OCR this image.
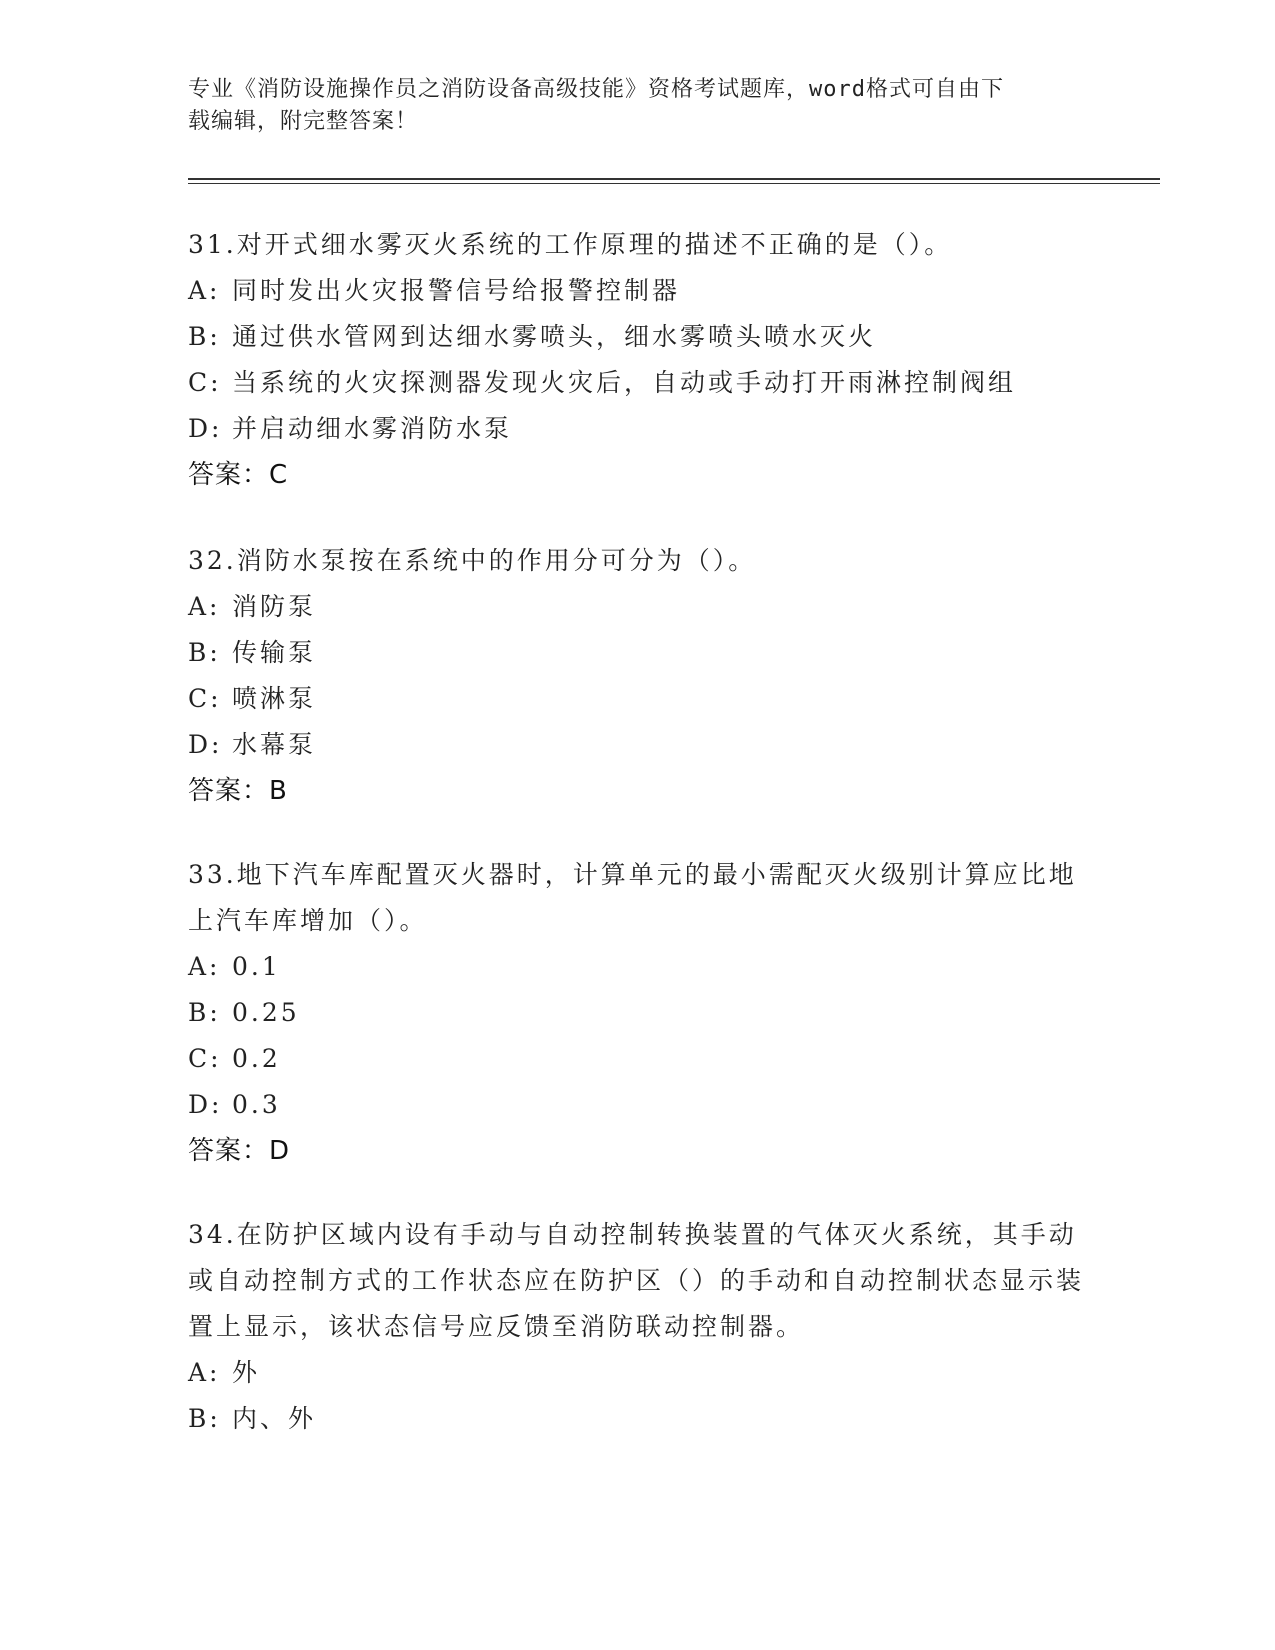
专业《消防设施操作员之消防设备高级技能》资格考试题库，word格式可自由下
载编辑，附完整答案！
31.对开式细水雾灭火系统的工作原理的描述不正确的是（）。
A: 同时发出火灾报警信号给报警控制器
B: 通过供水管网到达细水雾喷头，细水雾喷头喷水灭火
C: 当系统的火灾探测器发现火灾后，自动或手动打开雨淋控制阀组
D: 并启动细水雾消防水泵
答案：C
32.消防水泵按在系统中的作用分可分为（）。
A: 消防泵
B: 传输泵
C: 喷淋泵
D: 水幕泵
答案：B
33.地下汽车库配置灭火器时，计算单元的最小需配灭火级别计算应比地上汽车库增加（）。
A: 0.1
B: 0.25
C: 0.2
D: 0.3
答案：D
34.在防护区域内设有手动与自动控制转换装置的气体灭火系统，其手动或自动控制方式的工作状态应在防护区（）的手动和自动控制状态显示装置上显示，该状态信号应反馈至消防联动控制器。
A: 外
B: 内、外
